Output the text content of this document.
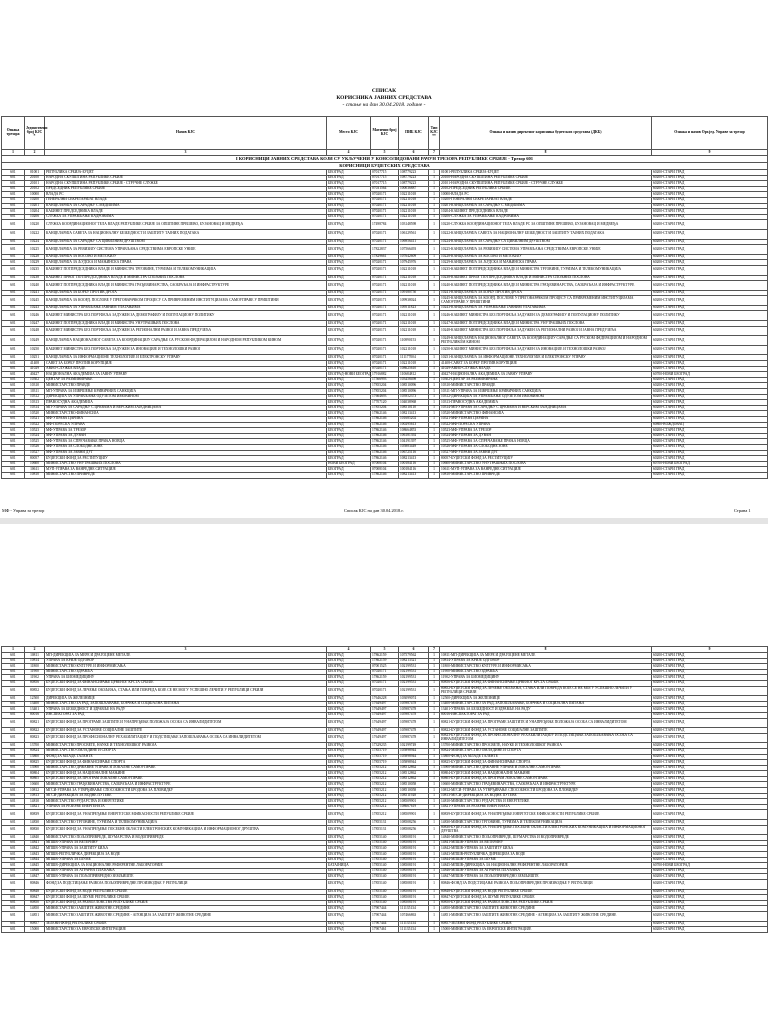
СПИСАК
КОРИСНИКА ЈАВНИХ СРЕДСТАВА
- стање на дан 30.04.2018. године -
Ознака трезора	Јединствени број КЈС *	Назив КЈС	Место КЈС	Матични број КЈС	ПИБ КЈС	Тип КЈС **	Ознака и назив директног корисника буџетских средстава (ДКБ)	Ознака и назив Орг.јед. Управе за трезор
1	2	3	4	5	6	7	8	9
I КОРИСНИЦИ ЈАВНИХ СРЕДСТАВА КОЈИ СУ УКЉУЧЕНИ У КОНСОЛИДОВАНИ РАЧУН ТРЕЗОРА РЕПУБЛИКЕ СРБИЈЕ - Трезор 601								
КОРИСНИЦИ БУЏЕТСКИХ СРЕДСТАВА								
601	01001	РЕПУБЛИКА СРБИЈА-БУЏЕТ	БЕОГРАД	07017715	108779223	1	01001-РЕПУБЛИКА СРБИЈА-БУЏЕТ	60200-СТАРИ ГРАД
601	20100	НАРОДНА СКУПШТИНА РЕПУБЛИКЕ СРБИЈЕ	БЕОГРАД	07017715	108779223	1	20100-НАРОДНА СКУПШТИНА РЕПУБЛИКЕ СРБИЈЕ	60200-СТАРИ ГРАД
601	20101	НАРОДНА СКУПШТИНА РЕПУБЛИКЕ СРБИЈЕ - СТРУЧНЕ СЛУЖБЕ	БЕОГРАД	07017715	108779223	1	20101-НАРОДНА СКУПШТИНА РЕПУБЛИКЕ СРБИЈЕ - СТРУЧНЕ СЛУЖБЕ	60200-СТАРИ ГРАД
601	20102	ПРЕДСЕДНИК РЕПУБЛИКЕ СРБИЈЕ	БЕОГРАД	07031564	100036887	1	20102-ПРЕДСЕДНИК РЕПУБЛИКЕ СРБИЈЕ	60200-СТАРИ ГРАД
601	10000	ВЛАДА РС	БЕОГРАД	07020171	102211018	1	10000-ВЛАДА РС	60200-СТАРИ ГРАД
601	10200	ГЕНЕРАЛНИ СЕКРЕТАРИЈАТ ВЛАДЕ	БЕОГРАД	07020171	102211018	1	10200-ГЕНЕРАЛНИ СЕКРЕТАРИЈАТ ВЛАДЕ	60200-СТАРИ ГРАД
601	10201	КАНЦЕЛАРИЈА ЗА САРАДЊУ С МЕДИЈИМА	БЕОГРАД	07020171	102211018	1	10201-КАНЦЕЛАРИЈА ЗА САРАДЊУ С МЕДИЈИМА	60200-СТАРИ ГРАД
601	10204	КАБИНЕТ ПРЕДСЕДНИКА ВЛАДЕ	БЕОГРАД	07020171	102211018	1	10204-КАБИНЕТ ПРЕДСЕДНИКА ВЛАДЕ	60200-СТАРИ ГРАД
601	10206	СЛУЖБА ЗА УПРАВЉАЊЕ КАДРОВИМА	БЕОГРАД	07020171	102211018	1	10206-СЛУЖБА ЗА УПРАВЉАЊЕ КАДРОВИМА	60200-СТАРИ ГРАД
601	10220	СЛУЖБА КООРДИНАЦИОНОГ ТЕЛА ВЛАДЕ РЕПУБЛИКЕ СРБИЈЕ ЗА ОПШТИНЕ ПРЕШЕВО, БУЈАНОВАЦ И МЕДВЕЂА	БЕОГРАД	17498784	103148598	1	10220-СЛУЖБА КООРДИНАЦИОНОГ ТЕЛА ВЛАДЕ РС ЗА ОПШТИНЕ ПРЕШЕВО, БУЈАНОВАЦ И МЕДВЕЂА	60200-СТАРИ ГРАД
601	10222	КАНЦЕЛАРИЈА САВЕТА ЗА НАЦИОНАЛНУ БЕЗБЕДНОСТ И ЗАШТИТУ ТАЈНИХ ПОДАТАКА	БЕОГРАД	07020171	106129561	1	10222-КАНЦЕЛАРИЈА САВЕТА ЗА НАЦИОНАЛНУ БЕЗБЕДНОСТ И ЗАШТИТУ ТАЈНИХ ПОДАТАКА	60200-СТАРИ ГРАД
601	10224	КАНЦЕЛАРИЈА ЗА САРАДЊУ СА ЦИВИЛНИМ ДРУШТВОМ	БЕОГРАД	07020171	106956411	1	10224-КАНЦЕЛАРИЈА ЗА САРАДЊУ СА ЦИВИЛНИМ ДРУШТВОМ	60200-СТАРИ ГРАД
601	10225	КАНЦЕЛАРИЈА ЗА РЕВИЗИЈУ СИСТЕМА УПРАВЉАЊА СРЕДСТВИМА ЕВРОПСКЕ УНИЈЕ	БЕОГРАД	17822837	107566493	1	10225-КАНЦЕЛАРИЈА ЗА РЕВИЗИЈУ СИСТЕМА УПРАВЉАЊА СРЕДСТВИМА ЕВРОПСКЕ УНИЈЕ	60200-СТАРИ ГРАД
601	10228	КАНЦЕЛАРИЈА ЗА КОСОВО И МЕТОХИЈУ	БЕОГРАД	17829661	107642609	1	10228-КАНЦЕЛАРИЈА ЗА КОСОВО И МЕТОХИЈУ	60200-СТАРИ ГРАД
601	10229	КАНЦЕЛАРИЈА ЗА ЉУДСКА И МАЊИНСКА ПРАВА	БЕОГРАД	07020171	107945976	1	10229-КАНЦЕЛАРИЈА ЗА ЉУДСКА И МАЊИНСКА ПРАВА	60200-СТАРИ ГРАД
601	10235	КАБИНЕТ ПОТПРЕДСЕДНИКА ВЛАДЕ И МИНИСТРА ТРГОВИНЕ, ТУРИЗМА И ТЕЛЕКОМУНИКАЦИЈА	БЕОГРАД	07020171	102211018	1	10235-КАБИНЕТ ПОТПРЕДСЕДНИКА ВЛАДЕ И МИНИСТРА ТРГОВИНЕ, ТУРИЗМА И ТЕЛЕКОМУНИКАЦИЈА	60200-СТАРИ ГРАД
601	10238	КАБИНЕТ ПРВОГ ПОТПРЕДСЕДНИКА ВЛАДЕ И МИНИСТРА СПОЉНИХ ПОСЛОВА	БЕОГРАД	07020171	102211018	1	10238-КАБИНЕТ ПРВОГ ПОТПРЕДСЕДНИКА ВЛАДЕ И МИНИСТРА СПОЉНИХ ПОСЛОВА	60200-СТАРИ ГРАД
601	10240	КАБИНЕТ ПОТПРЕДСЕДНИКА ВЛАДЕ И МИНИСТРА ГРАЂЕВИНАРСТВА, САОБРАЋАЈА И ИНФРАСТРУКТУРЕ	БЕОГРАД	07020171	102211018	1	10240-КАБИНЕТ ПОТПРЕДСЕДНИКА ВЛАДЕ И МИНИСТРА ГРАЂЕВИНАРСТВА, САОБРАЋАЈА И ИНФРАСТРУКТУРЕ	60200-СТАРИ ГРАД
601	10241	КАНЦЕЛАРИЈА ЗА БОРБУ ПРОТИВ ДРОГА	БЕОГРАД	07020171	109180750	1	10241-КАНЦЕЛАРИЈА ЗА БОРБУ ПРОТИВ ДРОГА	60200-СТАРИ ГРАД
601	10245	КАНЦЕЛАРИЈА ЗА КООРД. ПОСЛОВЕ У ПРЕГОВАРАЧКОМ ПРОЦЕСУ СА ПРИВРЕМЕНИМ ИНСТИТУЦИЈАМА САМОУПРАВЕ У ПРИШТИНИ	БЕОГРАД	07020171	109938024	1	10245-КАНЦЕЛАРИЈА ЗА КООРД. ПОСЛОВЕ У ПРЕГОВАРАЧКОМ ПРОЦЕСУ СА ПРИВРЕМЕНИМ ИНСТИТУЦИЈАМА САМОУПРАВЕ У ПРИШТИНИ	60200-СТАРИ ГРАД
601	10243	КАНЦЕЛАРИЈА ЗА УПРАВЉАЊЕ ЈАВНИМ УЛАГАЊИМА	БЕОГРАД	07020171	109511823	1	10243-КАНЦЕЛАРИЈА ЗА УПРАВЉАЊЕ ЈАВНИМ УЛАГАЊИМА	60200-СТАРИ ГРАД
601	10246	КАБИНЕТ МИНИСТРА БЕЗ ПОРТФЕЉА ЗАДУЖЕН ЗА ДЕМОГРАФИЈУ И ПОПУЛАЦИОНУ ПОЛИТИКУ	БЕОГРАД	07020171	102211018	1	10246-КАБИНЕТ МИНИСТРА БЕЗ ПОРТФЕЉА ЗАДУЖЕН ЗА ДЕМОГРАФИЈУ И ПОПУЛАЦИОНУ ПОЛИТИКУ	60200-СТАРИ ГРАД
601	10247	КАБИНЕТ ПОТПРЕДСЕДНИКА ВЛАДЕ И МИНИСТРА УНУТРАШЊИХ ПОСЛОВА	БЕОГРАД	07020171	102211018	1	10247-КАБИНЕТ ПОТПРЕДСЕДНИКА ВЛАДЕ И МИНИСТРА УНУТРАШЊИХ ПОСЛОВА	60200-СТАРИ ГРАД
601	10248	КАБИНЕТ МИНИСТРА БЕЗ ПОРТФЕЉА ЗАДУЖЕН ЗА РЕГИОНАЛНИ РАЗВОЈ И ЈАВНА ПРЕДУЗЕЋА	БЕОГРАД	07020171	102211018	1	10248-КАБИНЕТ МИНИСТРА БЕЗ ПОРТФЕЉА ЗАДУЖЕН ЗА РЕГИОНАЛНИ РАЗВОЈ И ЈАВНА ПРЕДУЗЕЋА	60200-СТАРИ ГРАД
601	10249	КАНЦЕЛАРИЈА НАЦИОНАЛНОГ САВЕТА ЗА КООРДИНАЦИЈУ САРАДЊЕ СА РУСКОМ ФЕДЕРАЦИЈОМ И НАРОДНОМ РЕПУБЛИКОМ КИНОМ	БЕОГРАД	07020171	110890153	1	10249-КАНЦЕЛАРИЈА НАЦИОНАЛНОГ САВЕТА ЗА КООРДИНАЦИЈУ САРАДЊЕ СА РУСКОМ ФЕДЕРАЦИЈОМ И НАРОДНОМ РЕПУБЛИКОМ КИНОМ	60200-СТАРИ ГРАД
601	10250	КАБИНЕТ МИНИСТРА БЕЗ ПОРТФЕЉА ЗАДУЖЕН ЗА ИНОВАЦИЈЕ И ТЕХНОЛОШКИ РАЗВОЈ	БЕОГРАД	07020171	102211018	1	10250-КАБИНЕТ МИНИСТРА БЕЗ ПОРТФЕЉА ЗАДУЖЕН ЗА ИНОВАЦИЈЕ И ТЕХНОЛОШКИ РАЗВОЈ	60200-СТАРИ ГРАД
601	10251	КАНЦЕЛАРИЈА ЗА ИНФОРМАЦИОНЕ ТЕХНОЛОГИЈЕ И ЕЛЕКТРОНСКУ УПРАВУ	БЕОГРАД	07020171	111177004	1	10251-КАНЦЕЛАРИЈА ЗА ИНФОРМАЦИОНЕ ТЕХНОЛОГИЈЕ И ЕЛЕКТРОНСКУ УПРАВУ	60200-СТАРИ ГРАД
601	41408	САВЕТ ЗА БОРБУ ПРОТИВ КОРУПЦИЈЕ	БЕОГРАД	07020171	102211018	1	41408-САВЕТ ЗА БОРБУ ПРОТИВ КОРУПЦИЈЕ	60200-СТАРИ ГРАД
601	41029	АВИО-СЛУЖБА ВЛАДЕ	БЕОГРАД	07020171	108625610	1	41029-АВИО-СЛУЖБА ВЛАДЕ	60200-СТАРИ ГРАД
601	40427	НАЦИОНАЛНА АКАДЕМИЈА ЗА ЈАВНУ УПРАВУ	БЕОГРАД-НОВИ БЕОГРАД	17916882	110684812	1	40427-НАЦИОНАЛНА АКАДЕМИЈА ЗА ЈАВНУ УПРАВУ	60700-НОВИ БЕОГРАД
601	10302	ЦЕНТАР ЗА РАЗМИНИРАЊЕ	БЕОГРАД	17566993	103458498	1	10302-ЦЕНТАР ЗА РАЗМИНИРАЊЕ	60200-СТАРИ ГРАД
601	10310	МИНИСТАРСТВО ПРАВДЕ	БЕОГРАД	17855204	108510096	1	10310-МИНИСТАРСТВО ПРАВДЕ	60200-СТАРИ ГРАД
601	10311	МП-УПРАВА ЗА ИЗВРШЕЊЕ КРИВИЧНИХ САНКЦИЈА	БЕОГРАД	17855204	108510096	1	10311-МП-УПРАВА ЗА ИЗВРШЕЊЕ КРИВИЧНИХ САНКЦИЈА	60200-СТАРИ ГРАД
601	10312	ДИРЕКЦИЈА ЗА УПРАВЉАЊЕ ОДУЗЕТОМ ИМОВИНОМ	БЕОГРАД	17664693	103952373	1	10312-ДИРЕКЦИЈА ЗА УПРАВЉАЊЕ ОДУЗЕТОМ ИМОВИНОМ	60200-СТАРИ ГРАД
601	10313	ПРАВОСУДНА АКАДЕМИЈА	БЕОГРАД	17707120	104038968	1	10313-ПРАВОСУДНА АКАДЕМИЈА	60200-СТАРИ ГРАД
601	10314	МП-УПРАВА ЗА САРАДЊУ С ЦРКВАМА И ВЕРСКИМ ЗАЈЕДНИЦАМА	БЕОГРАД	17855204	108510110	1	10314-МП-УПРАВА ЗА САРАДЊУ С ЦРКВАМА И ВЕРСКИМ ЗАЈЕДНИЦАМА	60200-СТАРИ ГРАД
601	10520	МИНИСТАРСТВО ФИНАНСИЈА	БЕОГРАД	17862146	108213413	1	10520-МИНИСТАРСТВО ФИНАНСИЈА	60200-СТАРИ ГРАД
601	10521	МФ-УПРАВА ЦАРИНА	БЕОГРАД	17862146	101685202	1	10521-МФ-УПРАВА ЦАРИНА	60200-СТАРИ ГРАД
601	10522	МФ-ПОРЕСКА УПРАВА	БЕОГРАД	17862146	100295613	1	10522-МФ-ПОРЕСКА УПРАВА	60800-ВОЖДОВАЦ
601	10523	МФ-УПРАВА ЗА ТРЕЗОР	БЕОГРАД	17862146	108664853	1	10523-МФ-УПРАВА ЗА ТРЕЗОР	60200-СТАРИ ГРАД
601	10524	МФ-УПРАВА ЗА ДУВАН	БЕОГРАД	17862146	106181392	1	10524-МФ-УПРАВА ЗА ДУВАН	60200-СТАРИ ГРАД
601	10525	МФ-УПРАВА ЗА СПРЕЧАВАЊЕ ПРАЊА НОВЦА	БЕОГРАД	17862146	104191397	1	10525-МФ-УПРАВА ЗА СПРЕЧАВАЊЕ ПРАЊА НОВЦА	60200-СТАРИ ГРАД
601	10526	МФ-УПРАВА ЗА СЛОБОДНЕ ЗОНЕ	БЕОГРАД	17862146	105883449	1	10526-МФ-УПРАВА ЗА СЛОБОДНЕ ЗОНЕ	60200-СТАРИ ГРАД
601	10527	МФ-УПРАВА ЗА ЈАВНИ ДУГ	БЕОГРАД	17862146	106725116	1	10527-МФ-УПРАВА ЗА ЈАВНИ ДУГ	60200-СТАРИ ГРАД
601	80057	БУЏЕТСКИ ФОНД ЗА РЕСТИТУЦИЈУ	БЕОГРАД	17862146	108213413	1	80057-БУЏЕТСКИ ФОНД ЗА РЕСТИТУЦИЈУ	60200-СТАРИ ГРАД
601	10600	МИНИСТАРСТВО УНУТРАШЊИХ ПОСЛОВА	НОВИ БЕОГРАД	07008104	100184116	1	10600-МИНИСТАРСТВО УНУТРАШЊИХ ПОСЛОВА	60700-НОВИ БЕОГРАД
601	10611	МУП-УПРАВА ЗА ВАНРЕДНЕ СИТУАЦИЈЕ	БЕОГРАД	07008104	100184116	1	10611-МУП-УПРАВА ЗА ВАНРЕДНЕ СИТУАЦИЈЕ	60200-СТАРИ ГРАД
601	10810	МИНИСТАРСТВО ПРИВРЕДЕ	БЕОГРАД	17862146	108213413	1	10810-МИНИСТАРСТВО ПРИВРЕДЕ	60200-СТАРИ ГРАД
МФ - Управа за трезор	Списак КЈС на дан 30.04.2018.г.	Страна 1
1	2	3	4	5	6	7	8	9
601	10811	МП-ДИРЕКЦИЈА ЗА МЕРЕ И ДРАГОЦЕНЕ МЕТАЛЕ	БЕОГРАД	17862159	107579562	1	10811-МП-ДИРЕКЦИЈА ЗА МЕРЕ И ДРАГОЦЕНЕ МЕТАЛЕ	60200-СТАРИ ГРАД
601	10814	УПРАВА ЗА КРИЈЕ ОДГОВОР	БЕОГРАД	17862159	108213321	1	10814-УПРАВА ЗА КРИЈЕ ОДГОВОР	60200-СТАРИ ГРАД
601	11800	МИНИСТАРСТВО КУЛТУРЕ И ИНФОРМИСАЊА	БЕОГРАД	07001525	102199531	1	11800-МИНИСТАРСТВО КУЛТУРЕ И ИНФОРМИСАЊА	60200-СТАРИ ГРАД
601	11900	МИНИСТАРСТВО ЗДРАВЉА	БЕОГРАД	07020171	102199531	1	11900-МИНИСТАРСТВО ЗДРАВЉА	60200-СТАРИ ГРАД
601	11902	УПРАВА ЗА БИОМЕДИЦИНУ	БЕОГРАД	17862159	102199531	1	11902-УПРАВА ЗА БИОМЕДИЦИНУ	60200-СТАРИ ГРАД
601	80856	БУЏЕТСКИ ФОНД ЗА ФИНАНСИРАЊЕ ЦРВЕНОГ КРСТА СРБИЈЕ	БЕОГРАД	07020171	102199531	1	80856-БУЏЕТСКИ ФОНД ЗА ФИНАНСИРАЊЕ ЦРВЕНОГ КРСТА СРБИЈЕ	60200-СТАРИ ГРАД
601	80852	БУЏЕТСКИ ФОНД ЗА ЛЕЧЕЊЕ ОБОЉЕЊА, СТАЊА ИЛИ ПОВРЕДА КОЈЕ СЕ НЕ МОГУ УСПЕШНО ЛЕЧИТИ У РЕПУБЛИЦИ СРБИЈИ	БЕОГРАД	07020171	102199531	1	80852-БУЏЕТСКИ ФОНД ЗА ЛЕЧЕЊЕ ОБОЉЕЊА, СТАЊА ИЛИ ПОВРЕДА КОЈЕ СЕ НЕ МОГУ УСПЕШНО ЛЕЧИТИ У РЕПУБЛИЦИ СРБИЈИ	60200-СТАРИ ГРАД
601	12500	ДИРЕКЦИЈА ЗА ЖЕЛЕЗНИЦЕ	БЕОГРАД	17646228	103099074	1	12500-ДИРЕКЦИЈА ЗА ЖЕЛЕЗНИЦЕ	60200-СТАРИ ГРАД
601	13400	МИНИСТАРСТВО ЗА РАД, ЗАПОШЉАВАЊЕ, БОРАЧКА И СОЦИЈАЛНА ПИТАЊА	БЕОГРАД	17649497	105987478	1	13400-МИНИСТАРСТВО ЗА РАД, ЗАПОШЉАВАЊЕ, БОРАЧКА И СОЦИЈАЛНА ПИТАЊА	60200-СТАРИ ГРАД
601	13401	УПРАВА ЗА БЕЗБЕДНОСТ И ЗДРАВЉЕ НА РАДУ	БЕОГРАД	17649497	105987478	1	13401-УПРАВА ЗА БЕЗБЕДНОСТ И ЗДРАВЉЕ НА РАДУ	60200-СТАРИ ГРАД
601	80016	ИНСПЕКТОРАТ ЗА РАД	БЕОГРАД	17649497	105987478	1	80016-ИНСПЕКТОРАТ ЗА РАД	60200-СТАРИ ГРАД
601	80821	БУЏЕТСКИ ФОНД ЗА ПРОГРАМЕ ЗАШТИТЕ И УНАПРЕЂЕЊЕ ПОЛОЖАЈА ОСОБА СА ИНВАЛИДИТЕТОМ	БЕОГРАД	17649497	105987478	1	80821-БУЏЕТСКИ ФОНД ЗА ПРОГРАМЕ ЗАШТИТЕ И УНАПРЕЂЕЊЕ ПОЛОЖАЈА ОСОБА СА ИНВАЛИДИТЕТОМ	60200-СТАРИ ГРАД
601	80822	БУЏЕТСКИ ФОНД ЗА УСТАНОВЕ СОЦИЈАЛНЕ ЗАШТИТЕ	БЕОГРАД	17649497	105987478	1	80822-БУЏЕТСКИ ФОНД ЗА УСТАНОВЕ СОЦИЈАЛНЕ ЗАШТИТЕ	60200-СТАРИ ГРАД
601	80823	БУЏЕТСКИ ФОНД ЗА ПРОФЕСИОНАЛНУ РЕХАБИЛИТАЦИЈУ И ПОДСТИЦАЊЕ ЗАПОШЉАВАЊА ОСОБА СА ИНВАЛИДИТЕТОМ	БЕОГРАД	17649497	105987478	1	80823-БУЏЕТСКИ ФОНД ЗА ПРОФЕСИОНАЛНУ РЕХАБИЛИТАЦИЈУ И ПОДСТИЦАЊЕ ЗАПОШЉАВАЊА ОСОБА СА ИНВАЛИДИТЕТОМ	60200-СТАРИ ГРАД
601	13700	МИНИСТАРСТВО ПРОСВЕТЕ, НАУКЕ И ТЕХНОЛОШКОГ РАЗВОЈА	БЕОГРАД	17329235	102199749	1	13700-МИНИСТАРСТВО ПРОСВЕТЕ, НАУКЕ И ТЕХНОЛОШКОГ РАЗВОЈА	60200-СТАРИ ГРАД
601	80824	МИНИСТАРСТВО ОМЛАДИНЕ И СПОРТА	БЕОГРАД	17855719	105898944	1	80824-МИНИСТАРСТВО ОМЛАДИНЕ И СПОРТА	60200-СТАРИ ГРАД
601	13800	ФОНД ЗА МЛАДЕ ТАЛЕНТЕ	БЕОГРАД	17855719	105898944	1	13800-ФОНД ЗА МЛАДЕ ТАЛЕНТЕ	60200-СТАРИ ГРАД
601	80825	БУЏЕТСКИ ФОНД ЗА ФИНАНСИРАЊЕ СПОРТА	БЕОГРАД	17855719	105898944	1	80825-БУЏЕТСКИ ФОНД ЗА ФИНАНСИРАЊЕ СПОРТА	60200-СТАРИ ГРАД
601	13900	МИНИСТАРСТВО ДРЖАВНЕ УПРАВЕ И ЛОКАЛНЕ САМОУПРАВЕ	БЕОГРАД	17855212	108512862	1	13900-МИНИСТАРСТВО ДРЖАВНЕ УПРАВЕ И ЛОКАЛНЕ САМОУПРАВЕ	60200-СТАРИ ГРАД
601	80804	БУЏЕТСКИ ФОНД ЗА НАЦИОНАЛНЕ МАЊИНЕ	БЕОГРАД	17855212	108512862	1	80804-БУЏЕТСКИ ФОНД ЗА НАЦИОНАЛНЕ МАЊИНЕ	60200-СТАРИ ГРАД
601	80805	БУЏЕТСКИ ФОНД ЗА ПРОГРАМ ЛОКАЛНЕ САМОУПРАВЕ	БЕОГРАД	17855212	108512862	1	80805-БУЏЕТСКИ ФОНД ЗА ПРОГРАМ ЛОКАЛНЕ САМОУПРАВЕ	60200-СТАРИ ГРАД
601	10600	МИНИСТАРСТВО ГРАЂЕВИНАРСТВА, САОБРАЋАЈА И ИНФРАСТРУКТУРЕ	БЕОГРАД	17855212	108510058	1	10600-МИНИСТАРСТВО ГРАЂЕВИНАРСТВА, САОБРАЋАЈА И ИНФРАСТРУКТУРЕ	60200-СТАРИ ГРАД
601	10812	МГСИ-УПРАВА ЗА УТВРЂИВАЊЕ СПОСОБНОСТИ БРОДОВА ЗА ПЛОВИДБУ	БЕОГРАД	17855212	108510058	1	10812-МГСИ-УПРАВА ЗА УТВРЂИВАЊЕ СПОСОБНОСТИ БРОДОВА ЗА ПЛОВИДБУ	60200-СТАРИ ГРАД
601	10813	МГСИ-ДИРЕКЦИЈА ЗА ВОДНЕ ПУТЕВЕ	БЕОГРАД	17855212	108511928	1	10813-МГСИ-ДИРЕКЦИЈА ЗА ВОДНЕ ПУТЕВЕ	60200-СТАРИ ГРАД
601	14810	МИНИСТАРСТВО РУДАРСТВА И ЕНЕРГЕТИКЕ	БЕОГРАД	17855212	108509901	1	14810-МИНИСТАРСТВО РУДАРСТВА И ЕНЕРГЕТИКЕ	60200-СТАРИ ГРАД
601	14821	УПРАВА ЗА РЕЗЕРВЕ ЕНЕРГЕНАТА	БЕОГРАД	17855212	108667619	1	14821-УПРАВА ЗА РЕЗЕРВЕ ЕНЕРГЕНАТА	60200-СТАРИ ГРАД
601	80839	БУЏЕТСКИ ФОНД ЗА УНАПРЕЂЕЊЕ ЕНЕРГЕТСКЕ ЕФИКАСНОСТИ РЕПУБЛИКЕ СРБИЈЕ	БЕОГРАД	17855212	108509901	1	80839-БУЏЕТСКИ ФОНД ЗА УНАПРЕЂЕЊЕ ЕНЕРГЕТСКЕ ЕФИКАСНОСТИ РЕПУБЛИКЕ СРБИЈЕ	60200-СТАРИ ГРАД
601	14830	МИНИСТАРСТВО ТРГОВИНЕ, ТУРИЗМА И ТЕЛЕКОМУНИКАЦИЈА	БЕОГРАД	17855131	108508256	1	14830-МИНИСТАРСТВО ТРГОВИНЕ, ТУРИЗМА И ТЕЛЕКОМУНИКАЦИЈА	60200-СТАРИ ГРАД
601	80830	БУЏЕТСКИ ФОНД ЗА УНАПРЕЂЕЊЕ ПОСЕБНЕ ОБЛАСТИ ЕЛЕКТРОНСКИХ КОМУНИКАЦИЈА И ИНФОРМАЦИОНОГ ДРУШТВА	БЕОГРАД	17855131	108508256	1	80830-БУЏЕТСКИ ФОНД ЗА УНАПРЕЂЕЊЕ ПОСЕБНЕ ОБЛАСТИ ЕЛЕКТРОНСКИХ КОМУНИКАЦИЈА И ИНФОРМАЦИОНОГ ДРУШТВА	60200-СТАРИ ГРАД
601	14840	МИНИСТАРСТВО ПОЉОПРИВРЕДЕ, ШУМАРСТВА И ВОДОПРИВРЕДЕ	БЕОГРАД	17855140	108508191	1	14840-МИНИСТАРСТВО ПОЉОПРИВРЕДЕ, ШУМАРСТВА И ВОДОПРИВРЕДЕ	60200-СТАРИ ГРАД
601	14841	МПШВ-УПРАВА ЗА ВЕТЕРИНУ	БЕОГРАД	17855140	108508191	1	14841-МПШВ-УПРАВА ЗА ВЕТЕРИНУ	60200-СТАРИ ГРАД
601	14842	МПШВ-УПРАВА ЗА ЗАШТИТУ БИЉА	БЕОГРАД	17855140	108508191	1	14842-МПШВ-УПРАВА ЗА ЗАШТИТУ БИЉА	60200-СТАРИ ГРАД
601	14843	МПШВ-РЕПУБЛИЧКА ДИРЕКЦИЈА ЗА ВОДЕ	БЕОГРАД	17855140	108508191	1	14843-МПШВ-РЕПУБЛИЧКА ДИРЕКЦИЈА ЗА ВОДЕ	60200-СТАРИ ГРАД
601	14844	МПШВ-УПРАВА ЗА ШУМЕ	БЕОГРАД	17855140	108508191	1	14844-МПШВ-УПРАВА ЗА ШУМЕ	60200-СТАРИ ГРАД
601	14845	МПШВ-ДИРЕКЦИЈА ЗА НАЦИОНАЛНЕ РЕФЕРЕНТНЕ ЛАБОРАТОРИЈЕ	БАТАЈНИЦА	17855140	108508191	1	14845-МПШВ-ДИРЕКЦИЈА ЗА НАЦИОНАЛНЕ РЕФЕРЕНТНЕ ЛАБОРАТОРИЈЕ	60700-НОВИ БЕОГРАД
601	14846	МПШВ-УПРАВА ЗА АГРАРНА ПЛАЋАЊА	БЕОГРАД	17855140	108508191	1	14846-МПШВ-УПРАВА ЗА АГРАРНА ПЛАЋАЊА	60200-СТАРИ ГРАД
601	14847	МПШВ-УПРАВА ЗА ПОЉОПРИВРЕДНО ЗЕМЉИШТЕ	БЕОГРАД	17855140	108508191	1	14847-МПШВ-УПРАВА ЗА ПОЉОПРИВРЕДНО ЗЕМЉИШТЕ	60200-СТАРИ ГРАД
601	80846	ФОНД ЗА ПОДСТИЦАЊЕ РАЗВОЈА ПОЉОПРИВРЕДНЕ ПРОИЗВОДЊЕ У РЕПУБЛИЦИ	БЕОГРАД	17855140	108508191	1	80846-ФОНД ЗА ПОДСТИЦАЊЕ РАЗВОЈА ПОЉОПРИВРЕДНЕ ПРОИЗВОДЊЕ У РЕПУБЛИЦИ	60200-СТАРИ ГРАД
601	80848	БУЏЕТСКИ ФОНД ЗА ВОДЕ РЕПУБЛИКЕ СРБИЈЕ	БЕОГРАД	17855140	108508191	1	80848-БУЏЕТСКИ ФОНД ЗА ВОДЕ РЕПУБЛИКЕ СРБИЈЕ	60200-СТАРИ ГРАД
601	80847	БУЏЕТСКИ ФОНД ЗА ШУМЕ РЕПУБЛИКЕ СРБИЈЕ	БЕОГРАД	17855140	108508191	1	80847-БУЏЕТСКИ ФОНД ЗА ШУМЕ РЕПУБЛИКЕ СРБИЈЕ	60200-СТАРИ ГРАД
601	80850	БУЏЕТСКИ ФОНД ЗА РАЗВОЈ ЛОВСТВА РЕПУБЛИКЕ СРБИЈЕ	БЕОГРАД	17855140	108508191	1	80850-БУЏЕТСКИ ФОНД ЗА РАЗВОЈ ЛОВСТВА РЕПУБЛИКЕ СРБИЈЕ	60200-СТАРИ ГРАД
601	14850	МИНИСТАРСТВО ЗАШТИТЕ ЖИВОТНЕ СРЕДИНЕ	БЕОГРАД	17907444	111135134	1	14850-МИНИСТАРСТВО ЗАШТИТЕ ЖИВОТНЕ СРЕДИНЕ	60200-СТАРИ ГРАД
601	14851	МИНИСТАРСТВО ЗАШТИТЕ ЖИВОТНЕ СРЕДИНЕ - АГЕНЦИЈА ЗА ЗАШТИТУ ЖИВОТНЕ СРЕДИНЕ	БЕОГРАД	17907444	107466863	1	14851-МИНИСТАРСТВО ЗАШТИТЕ ЖИВОТНЕ СРЕДИНЕ - АГЕНЦИЈА ЗА ЗАШТИТУ ЖИВОТНЕ СРЕДИНЕ	60200-СТАРИ ГРАД
601	80857	ЗЕЛЕНИ ФОНД РЕПУБЛИКЕ СРБИЈЕ	БЕОГРАД	17907444	111135134	1	80857-ЗЕЛЕНИ ФОНД РЕПУБЛИКЕ СРБИЈЕ	60200-СТАРИ ГРАД
601	15000	МИНИСТАРСТВО ЗА ЕВРОПСКЕ ИНТЕГРАЦИЈЕ	БЕОГРАД	17907461	111135134	1	15000-МИНИСТАРСТВО ЗА ЕВРОПСКЕ ИНТЕГРАЦИЈЕ	60200-СТАРИ ГРАД
